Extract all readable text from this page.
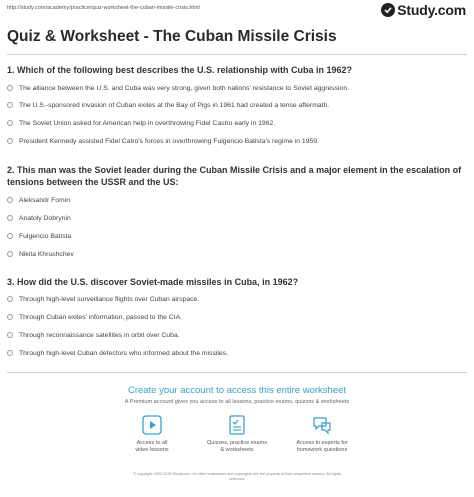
http://study.com/academy/practice/quiz-worksheet-the-cuban-missile-crisis.html	Study.com
Quiz & Worksheet - The Cuban Missile Crisis
1. Which of the following best describes the U.S. relationship with Cuba in 1962?
The alliance between the U.S. and Cuba was very strong, given both nations' resistance to Soviet aggression.
The U.S.-sponsored invasion of Cuban exiles at the Bay of Pigs in 1961 had created a tense aftermath.
The Soviet Union asked for American help in overthrowing Fidel Castro early in 1962.
President Kennedy assisted Fidel Catro's forces in overthrowing Fulgencio Batista's regime in 1959.
2. This man was the Soviet leader during the Cuban Missile Crisis and a major element in the escalation of tensions between the USSR and the US:
Aleksandr Fomin
Anatoly Dobrynin
Fulgencio Batista
Nikita Khrushchev
3. How did the U.S. discover Soviet-made missiles in Cuba, in 1962?
Through high-level surveillance flights over Cuban airspace.
Through Cuban exiles' information, passed to the CIA.
Through reconnaissance satellites in orbit over Cuba.
Through high-level Cuban defectors who informed about the missiles.
Create your account to access this entire worksheet
A Premium account gives you access to all lessons, practice exams, quizzes & worksheets
Access to all
video lessons
Quizzes, practice exams
& worksheets
Access to experts for
homework questions
© copyright 2003-2020 Study.com. All other trademarks and copyrights are the property of their respective owners. All rights
reserved.
